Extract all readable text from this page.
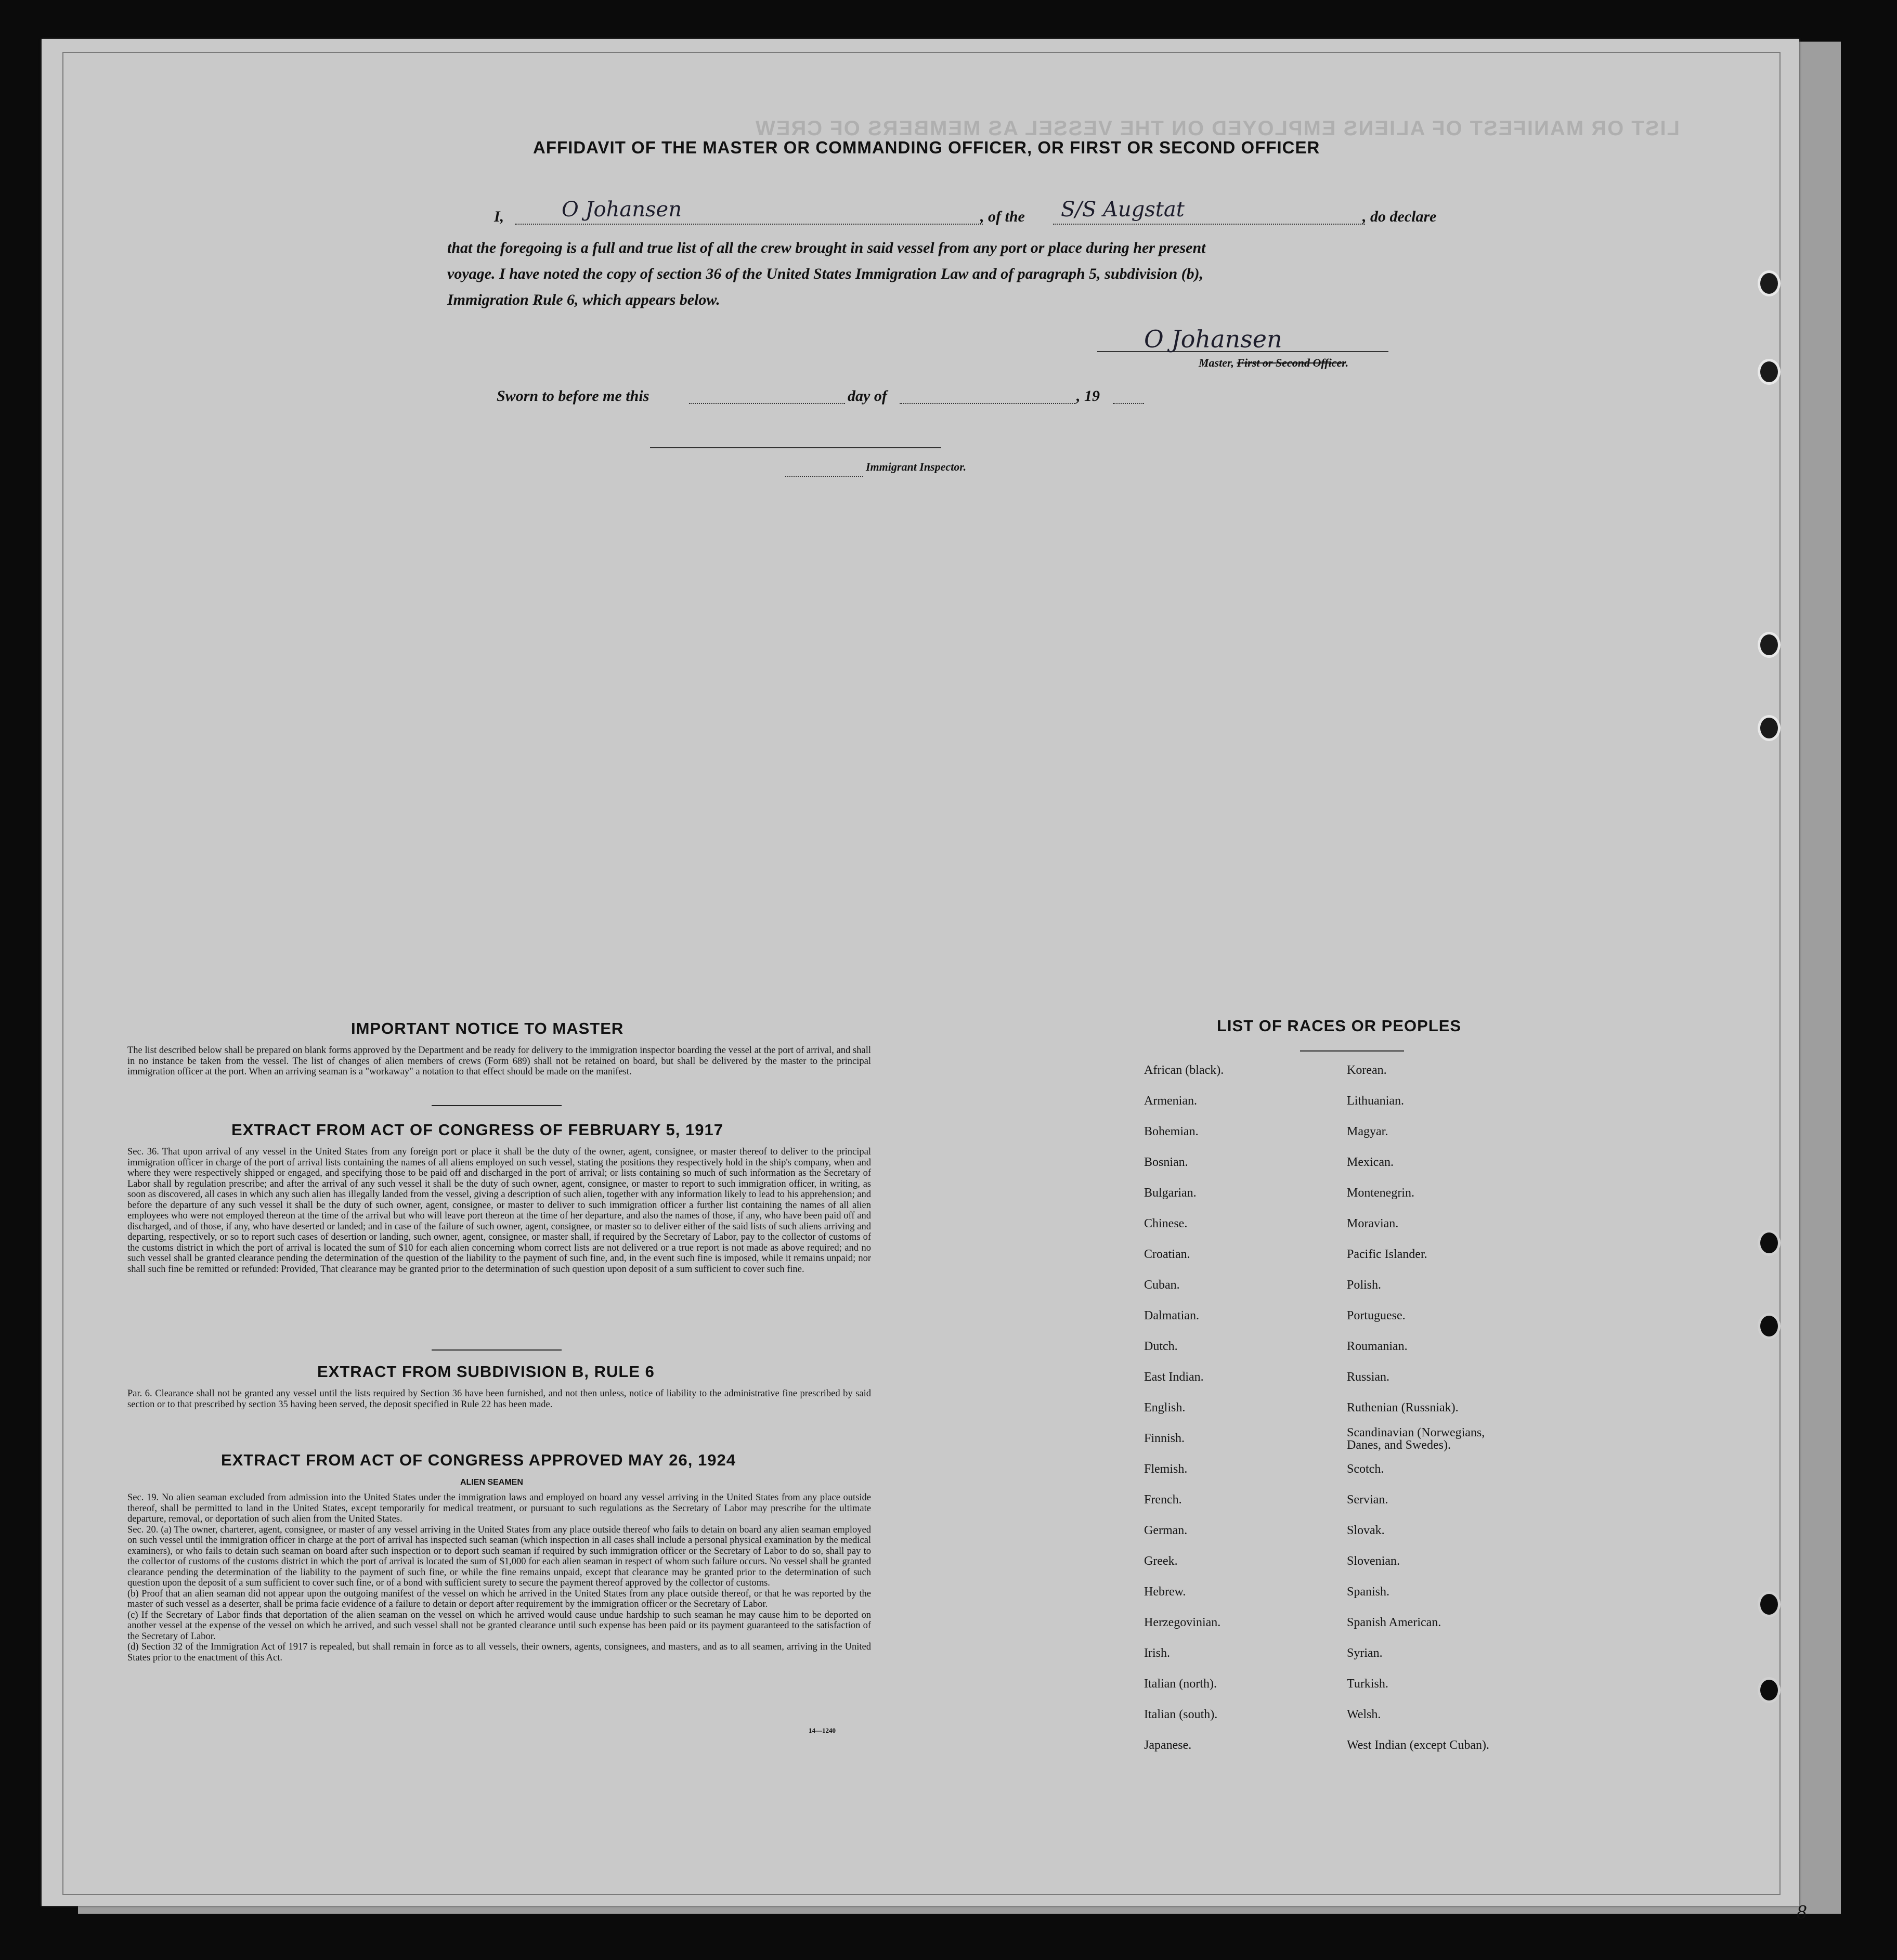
LIST OR MANIFEST OF ALIENS EMPLOYED ON THE VESSEL AS MEMBERS OF CREW
AFFIDAVIT OF THE MASTER OR COMMANDING OFFICER, OR FIRST OR SECOND OFFICER
I,	O Johansen	, of the S/S Augstat	, do declare
that the foregoing is a full and true list of all the crew brought in said vessel from any port or place during her present
voyage. I have noted the copy of section 36 of the United States Immigration Law and of paragraph 5, subdivision (b),
Immigration Rule 6, which appears below.
O Johansen
Master, First or Second Officer.
Sworn to before me this	day of	, 19
Immigrant Inspector.
IMPORTANT NOTICE TO MASTER
The list described below shall be prepared on blank forms approved by the Department and be ready for delivery to the immigration inspector boarding the vessel at the port of arrival, and shall in no instance be taken from the vessel. The list of changes of alien members of crews (Form 689) shall not be retained on board, but shall be delivered by the master to the principal immigration officer at the port. When an arriving seaman is a "workaway" a notation to that effect should be made on the manifest.
EXTRACT FROM ACT OF CONGRESS OF FEBRUARY 5, 1917
Sec. 36. That upon arrival of any vessel in the United States from any foreign port or place it shall be the duty of the owner, agent, consignee, or master thereof to deliver to the principal immigration officer in charge of the port of arrival lists containing the names of all aliens employed on such vessel, stating the positions they respectively hold in the ship's company, when and where they were respectively shipped or engaged, and specifying those to be paid off and discharged in the port of arrival; or lists containing so much of such information as the Secretary of Labor shall by regulation prescribe; and after the arrival of any such vessel it shall be the duty of such owner, agent, consignee, or master to report to such immigration officer, in writing, as soon as discovered, all cases in which any such alien has illegally landed from the vessel, giving a description of such alien, together with any information likely to lead to his apprehension; and before the departure of any such vessel it shall be the duty of such owner, agent, consignee, or master to deliver to such immigration officer a further list containing the names of all alien employees who were not employed thereon at the time of the arrival but who will leave port thereon at the time of her departure, and also the names of those, if any, who have been paid off and discharged, and of those, if any, who have deserted or landed; and in case of the failure of such owner, agent, consignee, or master so to deliver either of the said lists of such aliens arriving and departing, respectively, or so to report such cases of desertion or landing, such owner, agent, consignee, or master shall, if required by the Secretary of Labor, pay to the collector of customs of the customs district in which the port of arrival is located the sum of $10 for each alien concerning whom correct lists are not delivered or a true report is not made as above required; and no such vessel shall be granted clearance pending the determination of the question of the liability to the payment of such fine, and, in the event such fine is imposed, while it remains unpaid; nor shall such fine be remitted or refunded: Provided, That clearance may be granted prior to the determination of such question upon deposit of a sum sufficient to cover such fine.
EXTRACT FROM SUBDIVISION B, RULE 6
Par. 6. Clearance shall not be granted any vessel until the lists required by Section 36 have been furnished, and not then unless, notice of liability to the administrative fine prescribed by said section or to that prescribed by section 35 having been served, the deposit specified in Rule 22 has been made.
EXTRACT FROM ACT OF CONGRESS APPROVED MAY 26, 1924
ALIEN SEAMEN
Sec. 19. No alien seaman excluded from admission into the United States under the immigration laws and employed on board any vessel arriving in the United States from any place outside thereof, shall be permitted to land in the United States, except temporarily for medical treatment, or pursuant to such regulations as the Secretary of Labor may prescribe for the ultimate departure, removal, or deportation of such alien from the United States.
Sec. 20. (a) The owner, charterer, agent, consignee, or master of any vessel arriving in the United States from any place outside thereof who fails to detain on board any alien seaman employed on such vessel until the immigration officer in charge at the port of arrival has inspected such seaman (which inspection in all cases shall include a personal physical examination by the medical examiners), or who fails to detain such seaman on board after such inspection or to deport such seaman if required by such immigration officer or the Secretary of Labor to do so, shall pay to the collector of customs of the customs district in which the port of arrival is located the sum of $1,000 for each alien seaman in respect of whom such failure occurs. No vessel shall be granted clearance pending the determination of the liability to the payment of such fine, or while the fine remains unpaid, except that clearance may be granted prior to the determination of such question upon the deposit of a sum sufficient to cover such fine, or of a bond with sufficient surety to secure the payment thereof approved by the collector of customs.
(b) Proof that an alien seaman did not appear upon the outgoing manifest of the vessel on which he arrived in the United States from any place outside thereof, or that he was reported by the master of such vessel as a deserter, shall be prima facie evidence of a failure to detain or deport after requirement by the immigration officer or the Secretary of Labor.
(c) If the Secretary of Labor finds that deportation of the alien seaman on the vessel on which he arrived would cause undue hardship to such seaman he may cause him to be deported on another vessel at the expense of the vessel on which he arrived, and such vessel shall not be granted clearance until such expense has been paid or its payment guaranteed to the satisfaction of the Secretary of Labor.
(d) Section 32 of the Immigration Act of 1917 is repealed, but shall remain in force as to all vessels, their owners, agents, consignees, and masters, and as to all seamen, arriving in the United States prior to the enactment of this Act.
14—1240
LIST OF RACES OR PEOPLES
African (black).
Armenian.
Bohemian.
Bosnian.
Bulgarian.
Chinese.
Croatian.
Cuban.
Dalmatian.
Dutch.
East Indian.
English.
Finnish.
Flemish.
French.
German.
Greek.
Hebrew.
Herzegovinian.
Irish.
Italian (north).
Italian (south).
Japanese.
Korean.
Lithuanian.
Magyar.
Mexican.
Montenegrin.
Moravian.
Pacific Islander.
Polish.
Portuguese.
Roumanian.
Russian.
Ruthenian (Russniak).
Scandinavian (Norwegians, Danes, and Swedes).
Scotch.
Servian.
Slovak.
Slovenian.
Spanish.
Spanish American.
Syrian.
Turkish.
Welsh.
West Indian (except Cuban).
8
